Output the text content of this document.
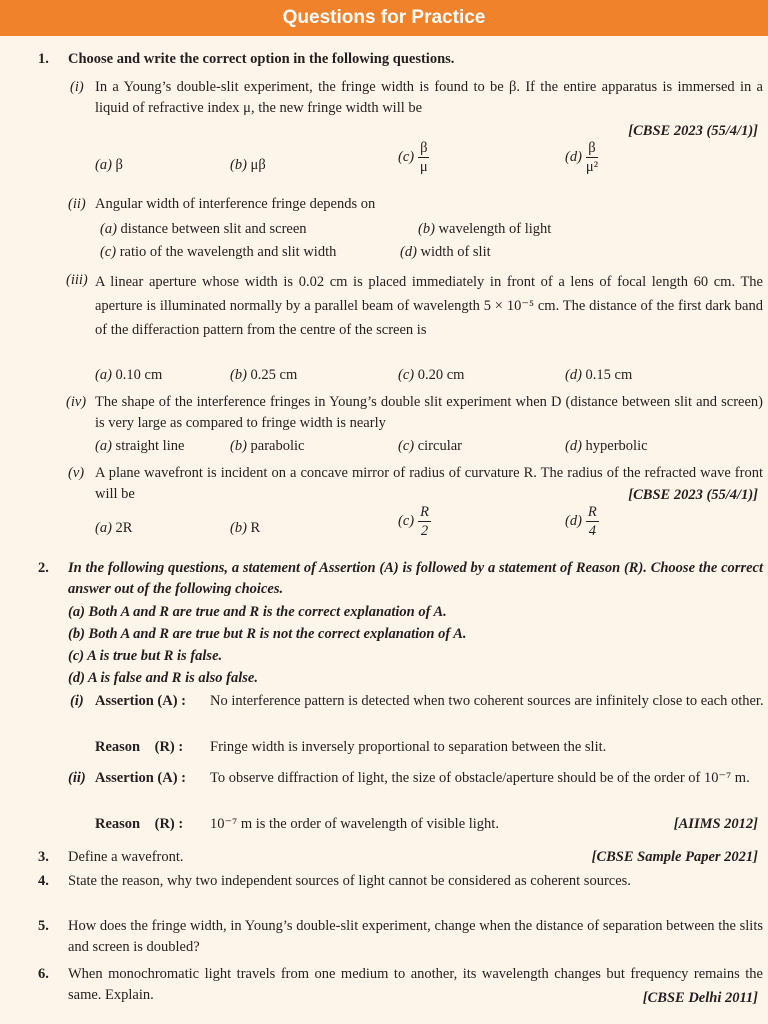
Questions for Practice
1. Choose and write the correct option in the following questions.
(i) In a Young’s double-slit experiment, the fringe width is found to be β. If the entire apparatus is immersed in a liquid of refractive index μ, the new fringe width will be
[CBSE 2023 (55/4/1)]
(a) β	(b) μβ
$(c) \frac{\beta}{\mu}$	$(d) \frac{\beta}{\text{μ²}}$
(ii) Angular width of interference fringe depends on
(a) distance between slit and screen	(b) wavelength of light
(c) ratio of the wavelength and slit width	(d) width of slit
(iii) A linear aperture whose width is 0.02 cm is placed immediately in front of a lens of focal length 60 cm. The aperture is illuminated normally by a parallel beam of wavelength 5 × 10⁻⁵ cm. The distance of the first dark band of the differaction pattern from the centre of the screen is
(a) 0.10 cm	(b) 0.25 cm	(c) 0.20 cm	(d) 0.15 cm
(iv) The shape of the interference fringes in Young’s double slit experiment when D (distance between slit and screen) is very large as compared to fringe width is nearly
(a) straight line	(b) parabolic	(c) circular	(d) hyperbolic
(v) A plane wavefront is incident on a concave mirror of radius of curvature R. The radius of the refracted wave front will be	[CBSE 2023 (55/4/1)]
(a) 2R	(b) R	$(c) \frac{R}{2}$	$(d) \frac{R}{4}$
2. In the following questions, a statement of Assertion (A) is followed by a statement of Reason (R). Choose the correct answer out of the following choices.
(a) Both A and R are true and R is the correct explanation of A.
(b) Both A and R are true but R is not the correct explanation of A.
(c) A is true but R is false.
(d) A is false and R is also false.
(i) Assertion (A) : No interference pattern is detected when two coherent sources are infinitely close to each other.
Reason    (R) : Fringe width is inversely proportional to separation between the slit.
(ii) Assertion (A) : To observe diffraction of light, the size of obstacle/aperture should be of the order of 10⁻⁷ m.
Reason    (R) : 10⁻⁷ m is the order of wavelength of visible light.	[AIIMS 2012]
3. Define a wavefront.	[CBSE Sample Paper 2021]
4. State the reason, why two independent sources of light cannot be considered as coherent sources.
5. How does the fringe width, in Young’s double-slit experiment, change when the distance of separation between the slits and screen is doubled?
6. When monochromatic light travels from one medium to another, its wavelength changes but frequency remains the same. Explain.	[CBSE Delhi 2011]
